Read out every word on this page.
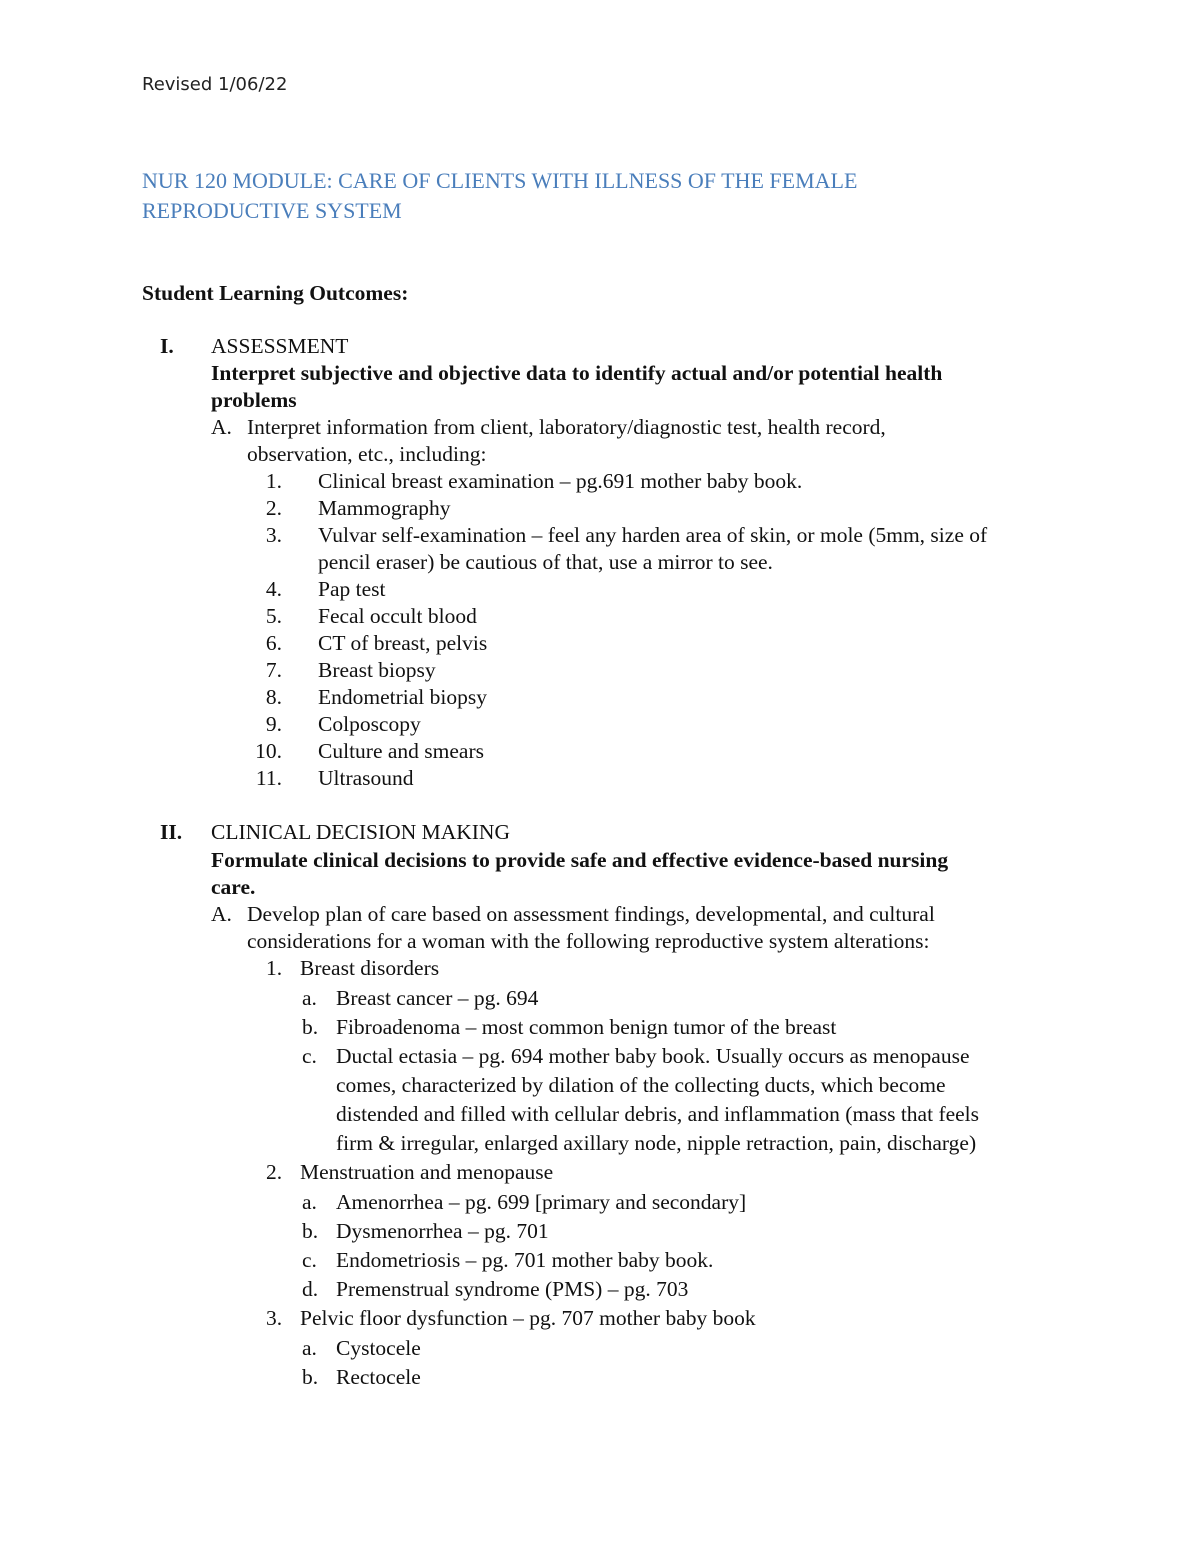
Revised 1/06/22
NUR 120 MODULE: CARE OF CLIENTS WITH ILLNESS OF THE FEMALE REPRODUCTIVE SYSTEM
Student Learning Outcomes:
I. ASSESSMENT
Interpret subjective and objective data to identify actual and/or potential health
problems
A. Interpret information from client, laboratory/diagnostic test, health record,
observation, etc., including:
1. Clinical breast examination – pg.691 mother baby book.
2. Mammography
3. Vulvar self-examination – feel any harden area of skin, or mole (5mm, size of
pencil eraser) be cautious of that, use a mirror to see.
4. Pap test
5. Fecal occult blood
6. CT of breast, pelvis
7. Breast biopsy
8. Endometrial biopsy
9. Colposcopy
10. Culture and smears
11. Ultrasound
II. CLINICAL DECISION MAKING
Formulate clinical decisions to provide safe and effective evidence-based nursing
care.
A. Develop plan of care based on assessment findings, developmental, and cultural
considerations for a woman with the following reproductive system alterations:
1. Breast disorders
a. Breast cancer – pg. 694
b. Fibroadenoma – most common benign tumor of the breast
c. Ductal ectasia – pg. 694 mother baby book. Usually occurs as menopause
comes, characterized by dilation of the collecting ducts, which become
distended and filled with cellular debris, and inflammation (mass that feels
firm & irregular, enlarged axillary node, nipple retraction, pain, discharge)
2. Menstruation and menopause
a. Amenorrhea – pg. 699 [primary and secondary]
b. Dysmenorrhea – pg. 701
c. Endometriosis – pg. 701 mother baby book.
d. Premenstrual syndrome (PMS) – pg. 703
3. Pelvic floor dysfunction – pg. 707 mother baby book
a. Cystocele
b. Rectocele
